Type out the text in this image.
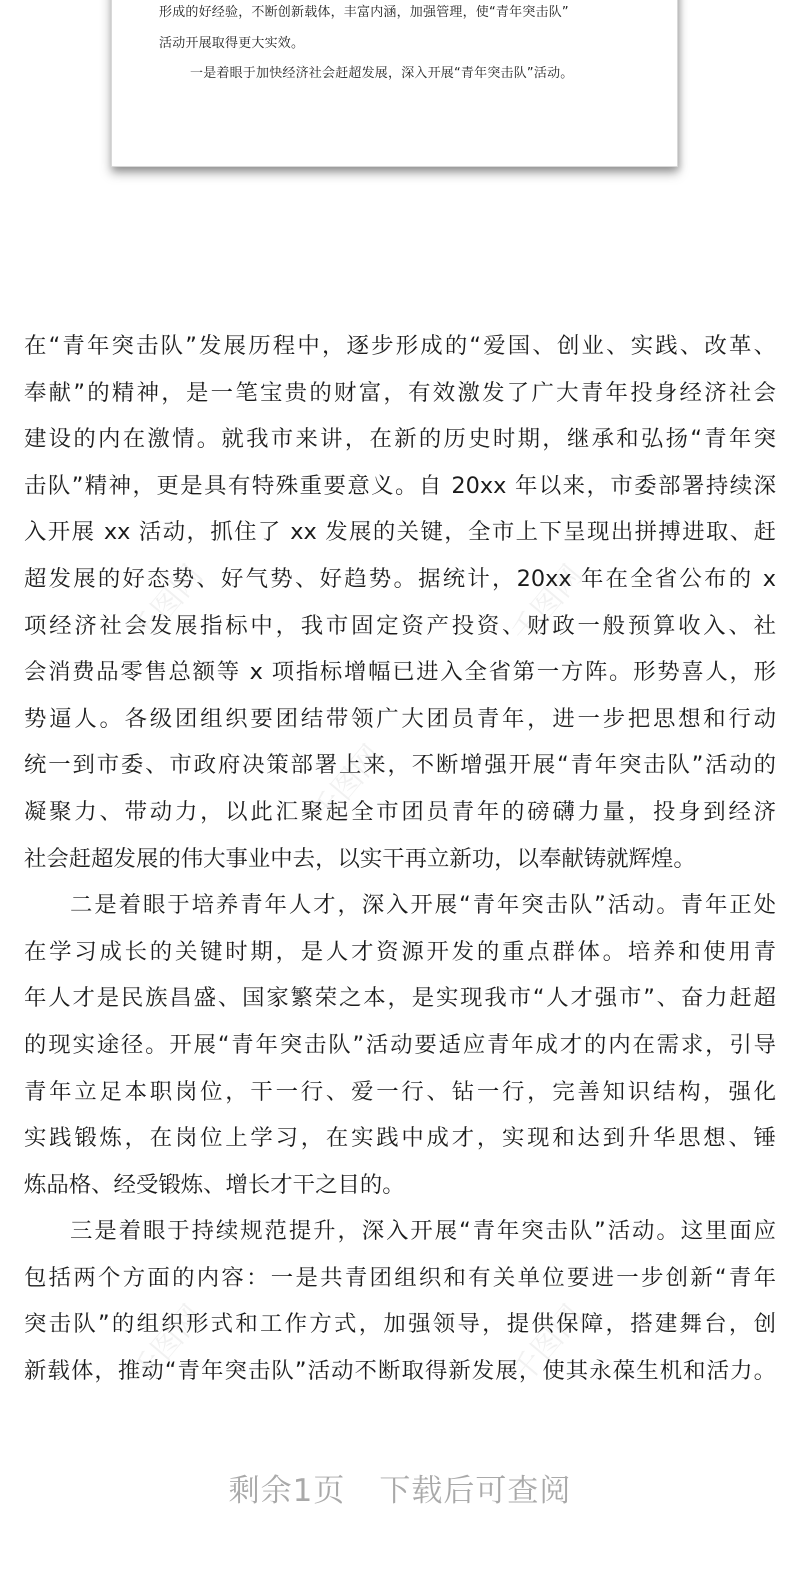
形成的好经验，不断创新载体，丰富内涵，加强管理，使“青年突击队”
活动开展取得更大实效。
一是着眼于加快经济社会赶超发展，深入开展“青年突击队”活动。
千图网	千图网
千图网
千图网	千图网
在“青年突击队”发展历程中，逐步形成的“爱国、创业、实践、改革、
奉献”的精神，是一笔宝贵的财富，有效激发了广大青年投身经济社会
建设的内在激情。就我市来讲，在新的历史时期，继承和弘扬“青年突
击队”精神，更是具有特殊重要意义。自 20xx 年以来，市委部署持续深
入开展 xx 活动，抓住了 xx 发展的关键，全市上下呈现出拼搏进取、赶
超发展的好态势、好气势、好趋势。据统计，20xx 年在全省公布的 x
项经济社会发展指标中，我市固定资产投资、财政一般预算收入、社
会消费品零售总额等 x 项指标增幅已进入全省第一方阵。形势喜人，形
势逼人。各级团组织要团结带领广大团员青年，进一步把思想和行动
统一到市委、市政府决策部署上来，不断增强开展“青年突击队”活动的
凝聚力、带动力，以此汇聚起全市团员青年的磅礴力量，投身到经济
社会赶超发展的伟大事业中去，以实干再立新功，以奉献铸就辉煌。
二是着眼于培养青年人才，深入开展“青年突击队”活动。青年正处
在学习成长的关键时期，是人才资源开发的重点群体。培养和使用青
年人才是民族昌盛、国家繁荣之本，是实现我市“人才强市”、奋力赶超
的现实途径。开展“青年突击队”活动要适应青年成才的内在需求，引导
青年立足本职岗位，干一行、爱一行、钻一行，完善知识结构，强化
实践锻炼，在岗位上学习，在实践中成才，实现和达到升华思想、锤
炼品格、经受锻炼、增长才干之目的。
三是着眼于持续规范提升，深入开展“青年突击队”活动。这里面应
包括两个方面的内容：一是共青团组织和有关单位要进一步创新“青年
突击队”的组织形式和工作方式，加强领导，提供保障，搭建舞台，创
新载体，推动“青年突击队”活动不断取得新发展，使其永葆生机和活力。
剩余1页 下载后可查阅
